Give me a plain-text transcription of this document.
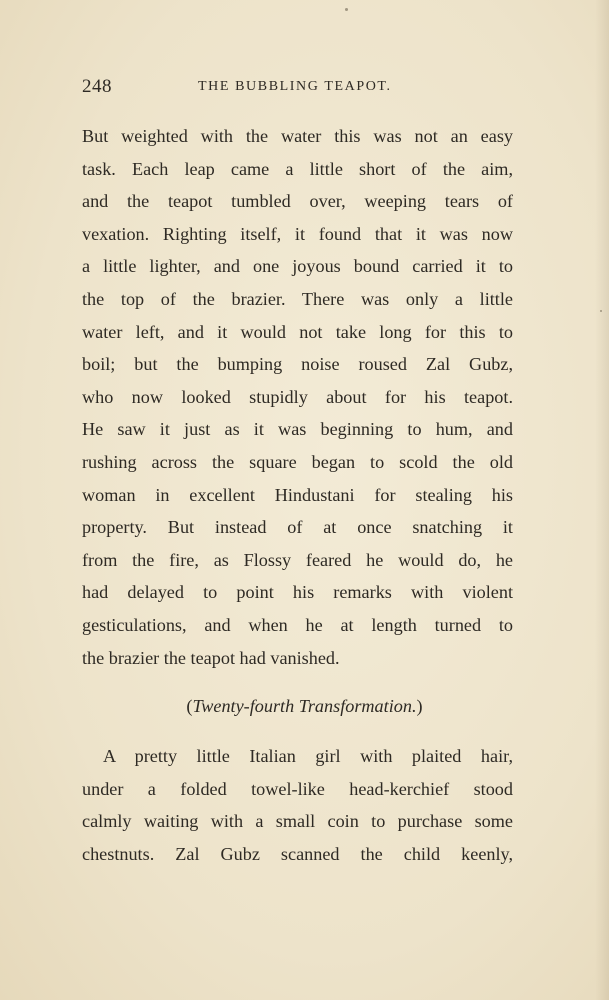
248	THE BUBBLING TEAPOT.
But weighted with the water this was not an easy
task. Each leap came a little short of the aim,
and the teapot tumbled over, weeping tears of
vexation. Righting itself, it found that it was now
a little lighter, and one joyous bound carried it to
the top of the brazier. There was only a little
water left, and it would not take long for this to
boil; but the bumping noise roused Zal Gubz,
who now looked stupidly about for his teapot.
He saw it just as it was beginning to hum, and
rushing across the square began to scold the old
woman in excellent Hindustani for stealing his
property. But instead of at once snatching it
from the fire, as Flossy feared he would do, he
had delayed to point his remarks with violent
gesticulations, and when he at length turned to
the brazier the teapot had vanished.
(Twenty-fourth Transformation.)
A pretty little Italian girl with plaited hair,
under a folded towel-like head-kerchief stood
calmly waiting with a small coin to purchase some
chestnuts. Zal Gubz scanned the child keenly,
